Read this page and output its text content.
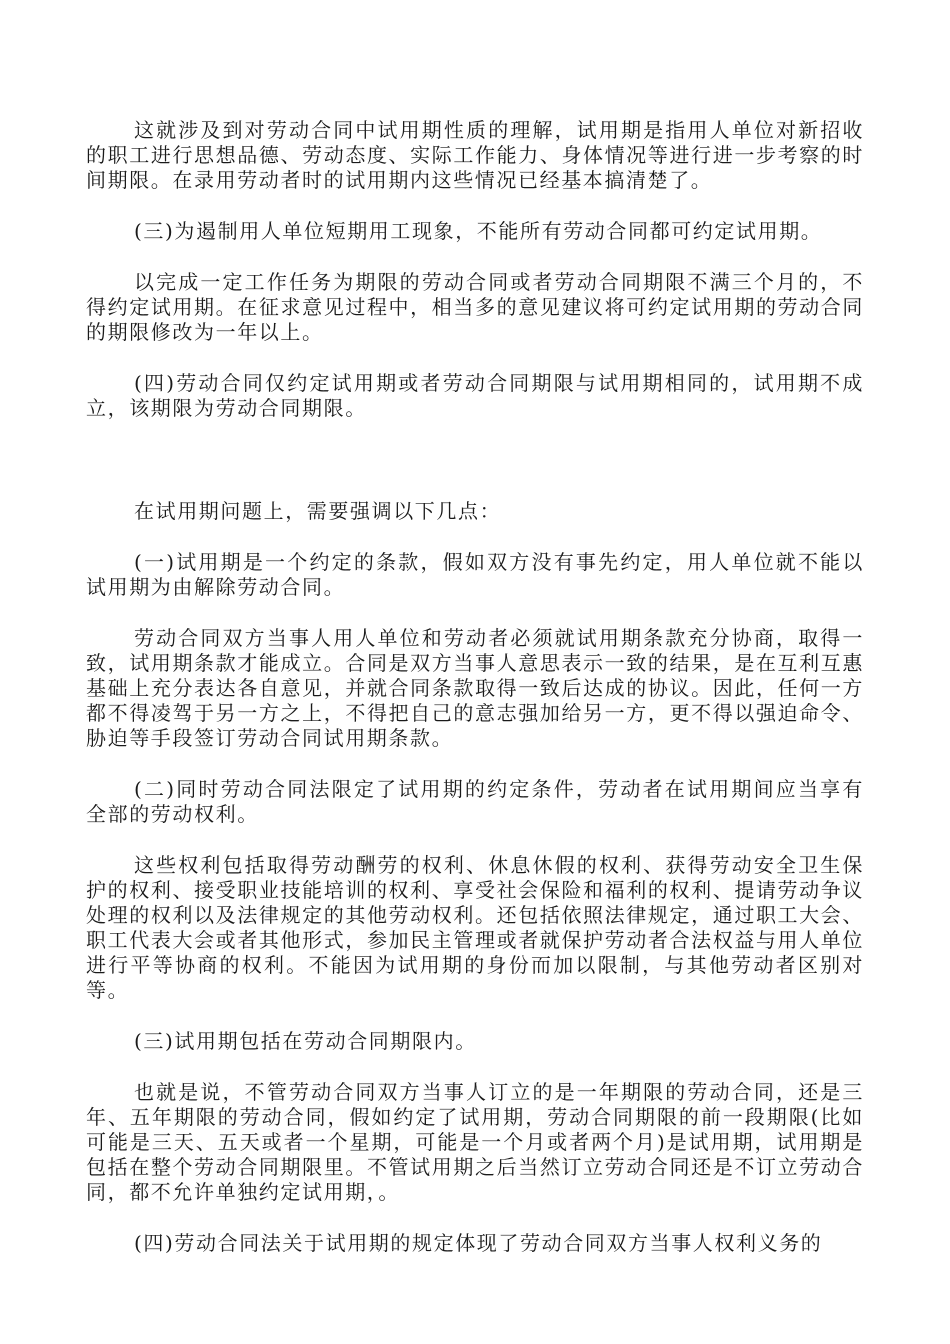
这就涉及到对劳动合同中试用期性质的理解，试用期是指用人单位对新招收的职工进行思想品德、劳动态度、实际工作能力、身体情况等进行进一步考察的时间期限。在录用劳动者时的试用期内这些情况已经基本搞清楚了。

(三)为遏制用人单位短期用工现象，不能所有劳动合同都可约定试用期。

以完成一定工作任务为期限的劳动合同或者劳动合同期限不满三个月的，不得约定试用期。在征求意见过程中，相当多的意见建议将可约定试用期的劳动合同的期限修改为一年以上。

(四)劳动合同仅约定试用期或者劳动合同期限与试用期相同的，试用期不成立，该期限为劳动合同期限。

在试用期问题上，需要强调以下几点：

(一)试用期是一个约定的条款，假如双方没有事先约定，用人单位就不能以试用期为由解除劳动合同。

劳动合同双方当事人用人单位和劳动者必须就试用期条款充分协商，取得一致，试用期条款才能成立。合同是双方当事人意思表示一致的结果，是在互利互惠基础上充分表达各自意见，并就合同条款取得一致后达成的协议。因此，任何一方都不得凌驾于另一方之上，不得把自己的意志强加给另一方，更不得以强迫命令、胁迫等手段签订劳动合同试用期条款。

(二)同时劳动合同法限定了试用期的约定条件，劳动者在试用期间应当享有全部的劳动权利。

这些权利包括取得劳动酬劳的权利、休息休假的权利、获得劳动安全卫生保护的权利、接受职业技能培训的权利、享受社会保险和福利的权利、提请劳动争议处理的权利以及法律规定的其他劳动权利。还包括依照法律规定，通过职工大会、职工代表大会或者其他形式，参加民主管理或者就保护劳动者合法权益与用人单位进行平等协商的权利。不能因为试用期的身份而加以限制，与其他劳动者区别对等。

(三)试用期包括在劳动合同期限内。

也就是说，不管劳动合同双方当事人订立的是一年期限的劳动合同，还是三年、五年期限的劳动合同，假如约定了试用期，劳动合同期限的前一段期限(比如可能是三天、五天或者一个星期，可能是一个月或者两个月)是试用期，试用期是包括在整个劳动合同期限里。不管试用期之后当然订立劳动合同还是不订立劳动合同，都不允许单独约定试用期，。

(四)劳动合同法关于试用期的规定体现了劳动合同双方当事人权利义务的
